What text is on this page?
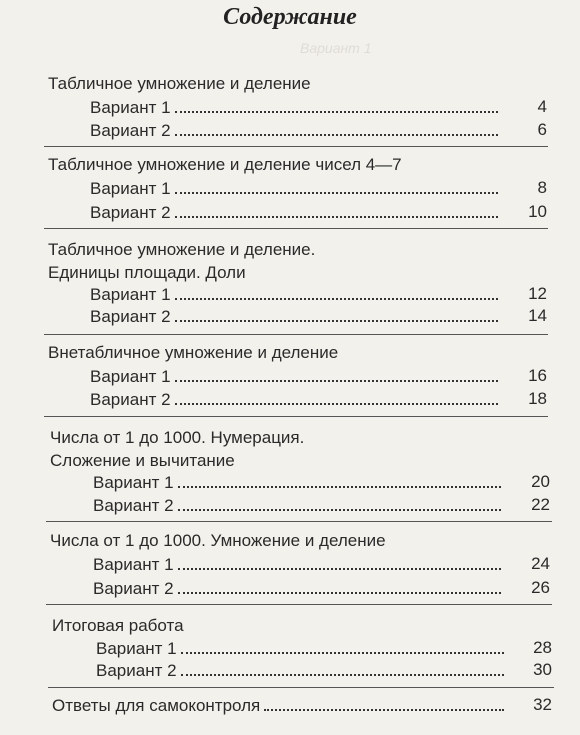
Вариант 1
Содержание
Табличное умножение и деление
Вариант 1	4
Вариант 2	6
Табличное умножение и деление чисел 4—7
Вариант 1	8
Вариант 2	10
Табличное умножение и деление.
Единицы площади. Доли
Вариант 1	12
Вариант 2	14
Внетабличное умножение и деление
Вариант 1	16
Вариант 2	18
Числа от 1 до 1000. Нумерация.
Сложение и вычитание
Вариант 1	20
Вариант 2	22
Числа от 1 до 1000. Умножение и деление
Вариант 1	24
Вариант 2	26
Итоговая работа
Вариант 1	28
Вариант 2	30
Ответы для самоконтроля	32
